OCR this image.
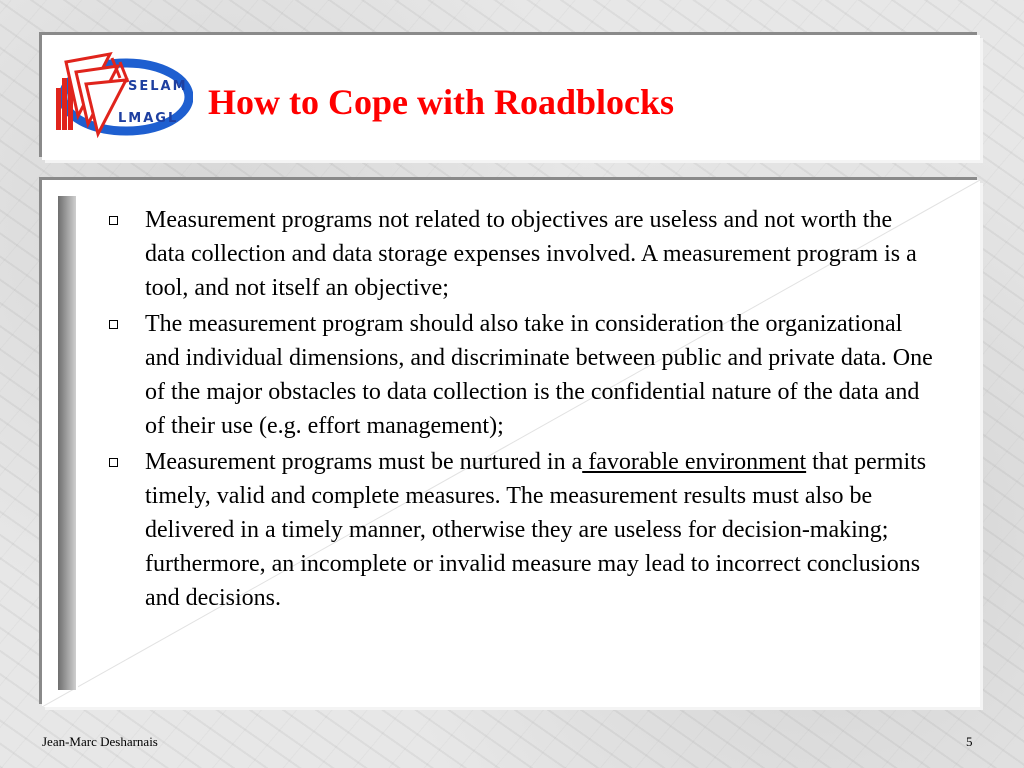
SELAM
LMAGL How to Cope with Roadblocks
Measurement programs not related to objectives are useless and not worth the data collection and data storage expenses involved. A measurement program is a tool, and not itself an objective;
The measurement program should also take in consideration the organizational and individual dimensions, and discriminate between public and private data. One of the major obstacles to data collection is the confidential nature of the data and of their use (e.g. effort management);
Measurement programs must be nurtured in a favorable environment that permits timely, valid and complete measures. The measurement results must also be delivered in a timely manner, otherwise they are useless for decision-making; furthermore, an incomplete or invalid measure may lead to incorrect conclusions and decisions.
Jean-Marc Desharnais	5
